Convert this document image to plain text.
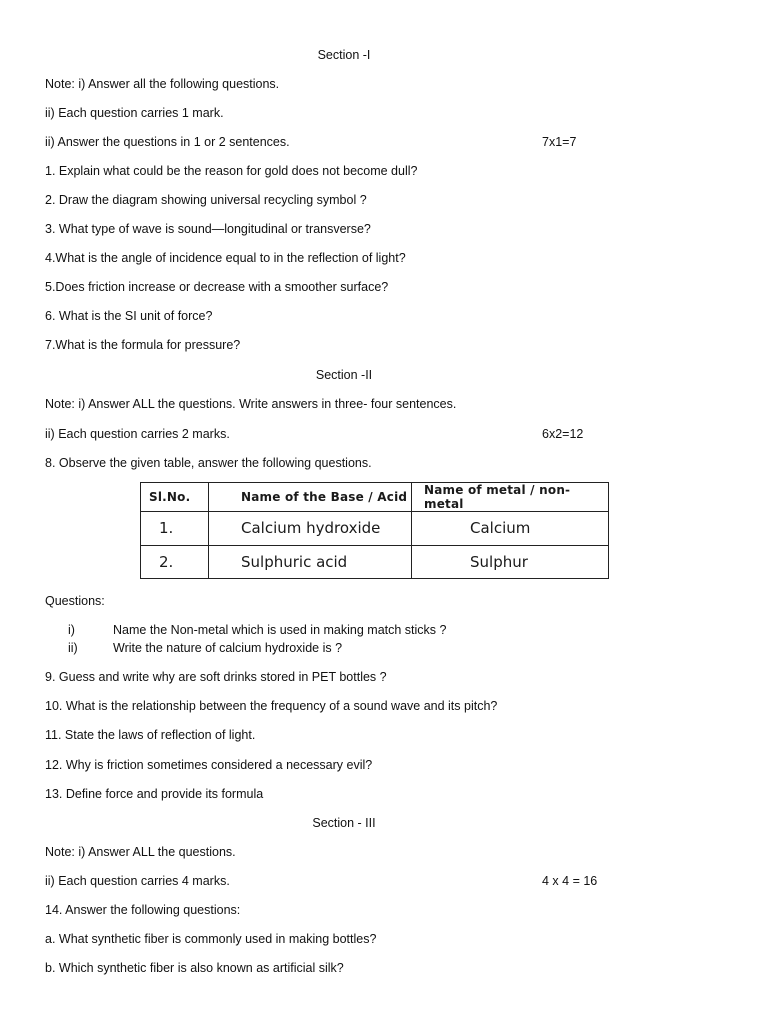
Section -I
Note: i) Answer all the following questions.
ii) Each question carries 1 mark.
ii) Answer the questions in 1 or 2 sentences.	7x1=7
1. Explain what could be the reason for gold does not become dull?
2. Draw the diagram showing universal recycling symbol ?
3. What type of wave is sound—longitudinal or transverse?
4.What is the angle of incidence equal to in the reflection of light?
5.Does friction increase or decrease with a smoother surface?
6. What is the SI unit of force?
7.What is the formula for pressure?
Section -II
Note: i) Answer ALL the questions. Write answers in three- four sentences.
ii) Each question carries 2 marks.	6x2=12
8. Observe the given table, answer the following questions.
Sl.No.	Name of the Base / Acid	Name of metal / non-metal
1.	Calcium hydroxide	Calcium
2.	Sulphuric acid	Sulphur
Questions:
i)	Name the Non-metal which is used in making match sticks ?
ii)	Write the nature of calcium hydroxide is ?
9. Guess and write why are soft drinks stored in PET bottles ?
10. What is the relationship between the frequency of a sound wave and its pitch?
11. State the laws of reflection of light.
12. Why is friction sometimes considered a necessary evil?
13. Define force and provide its formula
Section - III
Note: i) Answer ALL the questions.
ii) Each question carries 4 marks.	4 x 4 = 16
14. Answer the following questions:
a. What synthetic fiber is commonly used in making bottles?
b. Which synthetic fiber is also known as artificial silk?
